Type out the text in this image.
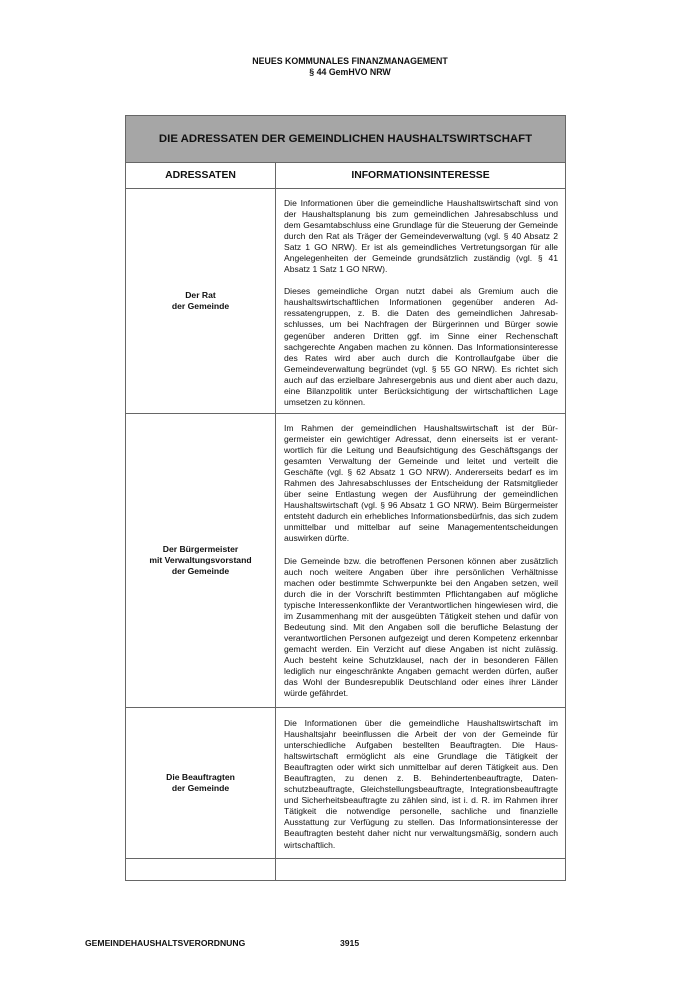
NEUES KOMMUNALES FINANZMANAGEMENT
§ 44 GemHVO NRW
DIE ADRESSATEN DER GEMEINDLICHEN HAUSHALTSWIRTSCHAFT
ADRESSATEN	INFORMATIONSINTERESSE
Der Rat
der Gemeinde

Die Informationen über die gemeindliche Haushaltswirtschaft sind von der Haushaltsplanung bis zum gemeindlichen Jahresabschluss und dem Gesamtabschluss eine Grundlage für die Steuerung der Gemeinde durch den Rat als Träger der Gemeindeverwaltung (vgl. § 40 Absatz 2 Satz 1 GO NRW). Er ist als gemeindliches Vertretungsorgan für alle Angelegenheiten der Gemeinde grundsätzlich zuständig (vgl. § 41 Absatz 1 Satz 1 GO NRW).

Dieses gemeindliche Organ nutzt dabei als Gremium auch die haushaltswirtschaftlichen Informationen gegenüber anderen Adressatengruppen, z. B. die Daten des gemeindlichen Jahresabschlusses, um bei Nachfragen der Bürgerinnen und Bürger sowie gegenüber anderen Dritten ggf. im Sinne einer Rechenschaft sachgerechte Angaben machen zu können. Das Informationsinteresse des Rates wird aber auch durch die Kontrollaufgabe über die Gemeindeverwaltung begründet (vgl. § 55 GO NRW). Es richtet sich auch auf das erzielbare Jahresergebnis aus und dient aber auch dazu, eine Bilanzpolitik unter Berücksichtigung der wirtschaftlichen Lage umsetzen zu können.

Der Bürgermeister
mit Verwaltungsvorstand
der Gemeinde

Im Rahmen der gemeindlichen Haushaltswirtschaft ist der Bürgermeister ein gewichtiger Adressat, denn einerseits ist er verantwortlich für die Leitung und Beaufsichtigung des Geschäftsgangs der gesamten Verwaltung der Gemeinde und leitet und verteilt die Geschäfte (vgl. § 62 Absatz 1 GO NRW). Andererseits bedarf es im Rahmen des Jahresabschlusses der Entscheidung der Ratsmitglieder über seine Entlastung wegen der Ausführung der gemeindlichen Haushaltswirtschaft (vgl. § 96 Absatz 1 GO NRW). Beim Bürgermeister entsteht dadurch ein erhebliches Informationsbedürfnis, das sich zudem unmittelbar und mittelbar auf seine Managemententscheidungen auswirken dürfte.

Die Gemeinde bzw. die betroffenen Personen können aber zusätzlich auch noch weitere Angaben über ihre persönlichen Verhältnisse machen oder bestimmte Schwerpunkte bei den Angaben setzen, weil durch die in der Vorschrift bestimmten Pflichtangaben auf mögliche typische Interessenkonflikte der Verantwortlichen hingewiesen wird, die im Zusammenhang mit der ausgeübten Tätigkeit stehen und dafür von Bedeutung sind. Mit den Angaben soll die berufliche Belastung der verantwortlichen Personen aufgezeigt und deren Kompetenz erkennbar gemacht werden. Ein Verzicht auf diese Angaben ist nicht zulässig. Auch besteht keine Schutzklausel, nach der in besonderen Fällen lediglich nur eingeschränkte Angaben gemacht werden dürfen, außer das Wohl der Bundesrepublik Deutschland oder eines ihrer Länder würde gefährdet.

Die Beauftragten
der Gemeinde

Die Informationen über die gemeindliche Haushaltswirtschaft im Haushaltsjahr beeinflussen die Arbeit der von der Gemeinde für unterschiedliche Aufgaben bestellten Beauftragten. Die Haushaltswirtschaft ermöglicht als eine Grundlage die Tätigkeit der Beauftragten oder wirkt sich unmittelbar auf deren Tätigkeit aus. Den Beauftragten, zu denen z. B. Behindertenbeauftragte, Datenschutzbeauftragte, Gleichstellungsbeauftragte, Integrationsbeauftragte und Sicherheitsbeauftragte zu zählen sind, ist i. d. R. im Rahmen ihrer Tätigkeit die notwendige personelle, sachliche und finanzielle Ausstattung zur Verfügung zu stellen. Das Informationsinteresse der Beauftragten besteht daher nicht nur verwaltungsmäßig, sondern auch wirtschaftlich.

GEMEINDEHAUSHALTSVERORDNUNG	3915
